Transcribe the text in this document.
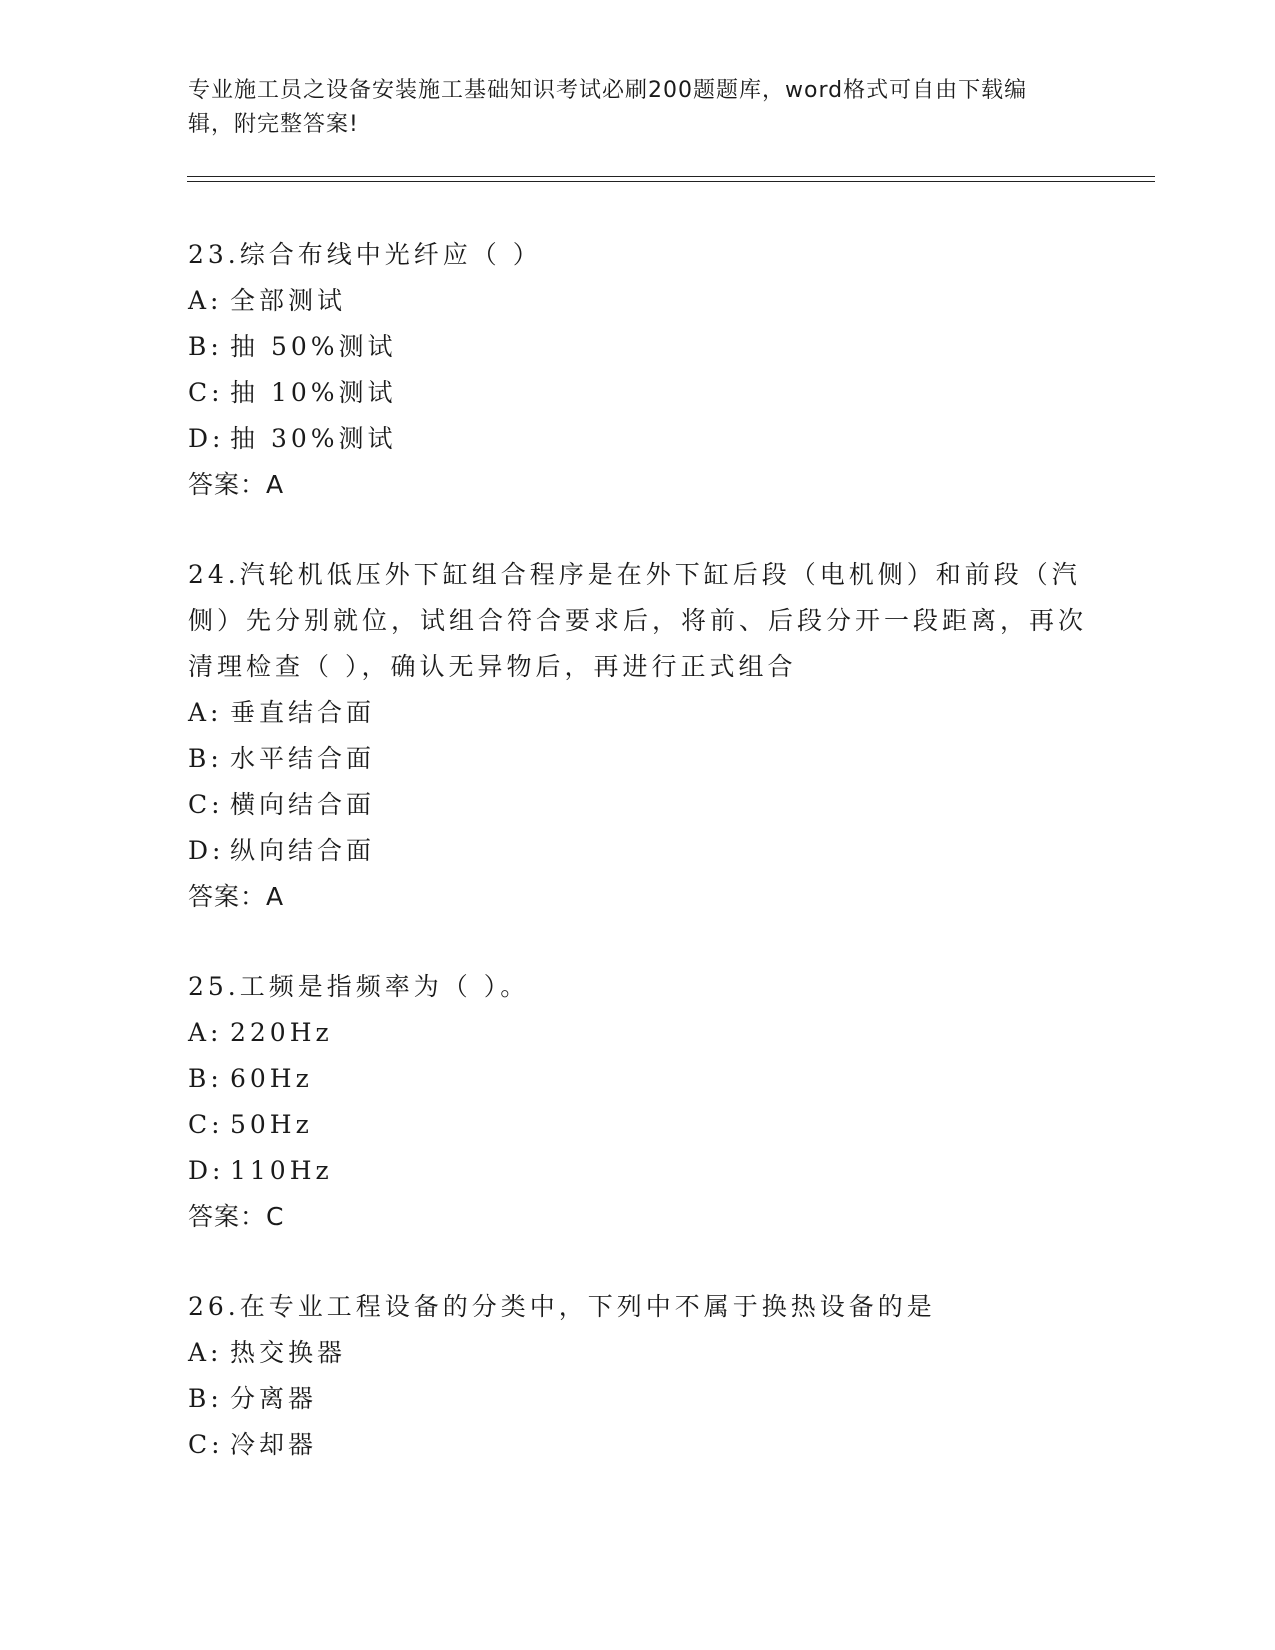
专业施工员之设备安装施工基础知识考试必刷200题题库，word格式可自由下载编辑，附完整答案!
23.综合布线中光纤应（ ）
A: 全部测试
B: 抽 50%测试
C: 抽 10%测试
D: 抽 30%测试
答案：A
24.汽轮机低压外下缸组合程序是在外下缸后段（电机侧）和前段（汽侧）先分别就位，试组合符合要求后，将前、后段分开一段距离，再次清理检查（ ），确认无异物后，再进行正式组合
A: 垂直结合面
B: 水平结合面
C: 横向结合面
D: 纵向结合面
答案：A
25.工频是指频率为（ ）。
A: 220Hz
B: 60Hz
C: 50Hz
D: 110Hz
答案：C
26.在专业工程设备的分类中，下列中不属于换热设备的是
A: 热交换器
B: 分离器
C: 冷却器
